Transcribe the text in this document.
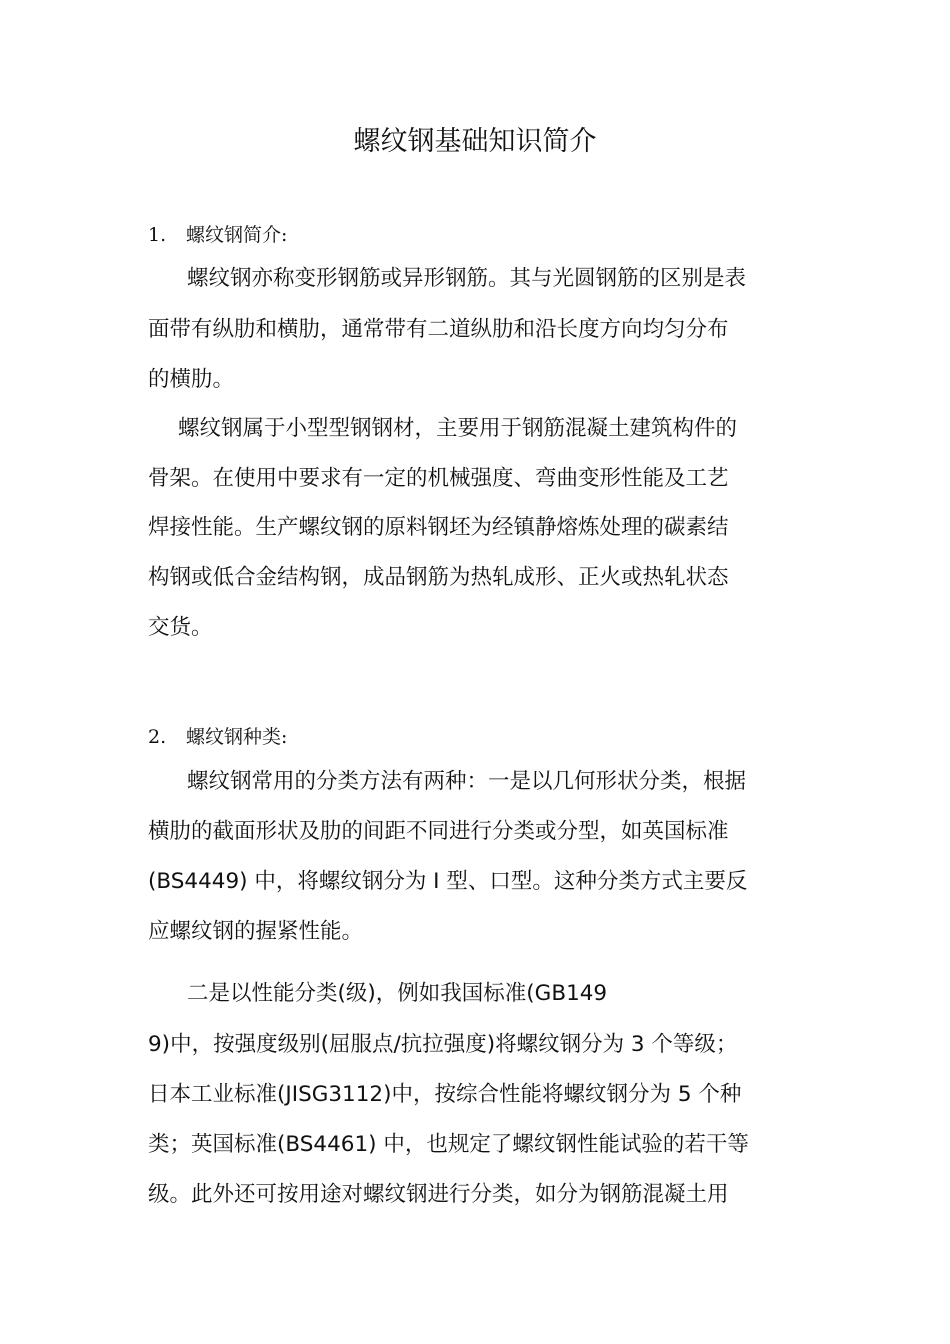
螺纹钢基础知识简介
1. 螺纹钢简介:

螺纹钢亦称变形钢筋或异形钢筋。其与光圆钢筋的区别是表

面带有纵肋和横肋，通常带有二道纵肋和沿长度方向均匀分布

的横肋。

螺纹钢属于小型型钢钢材，主要用于钢筋混凝土建筑构件的

骨架。在使用中要求有一定的机械强度、弯曲变形性能及工艺

焊接性能。生产螺纹钢的原料钢坯为经镇静熔炼处理的碳素结

构钢或低合金结构钢，成品钢筋为热轧成形、正火或热轧状态

交货。

2. 螺纹钢种类:

螺纹钢常用的分类方法有两种：一是以几何形状分类，根据

横肋的截面形状及肋的间距不同进行分类或分型，如英国标准

(BS4449) 中，将螺纹钢分为 I 型、口型。这种分类方式主要反

应螺纹钢的握紧性能。

二是以性能分类(级)，例如我国标准(GB149

9)中，按强度级别(屈服点/抗拉强度)将螺纹钢分为 3 个等级；

日本工业标准(JISG3112)中，按综合性能将螺纹钢分为 5 个种

类；英国标准(BS4461) 中，也规定了螺纹钢性能试验的若干等

级。此外还可按用途对螺纹钢进行分类，如分为钢筋混凝土用
